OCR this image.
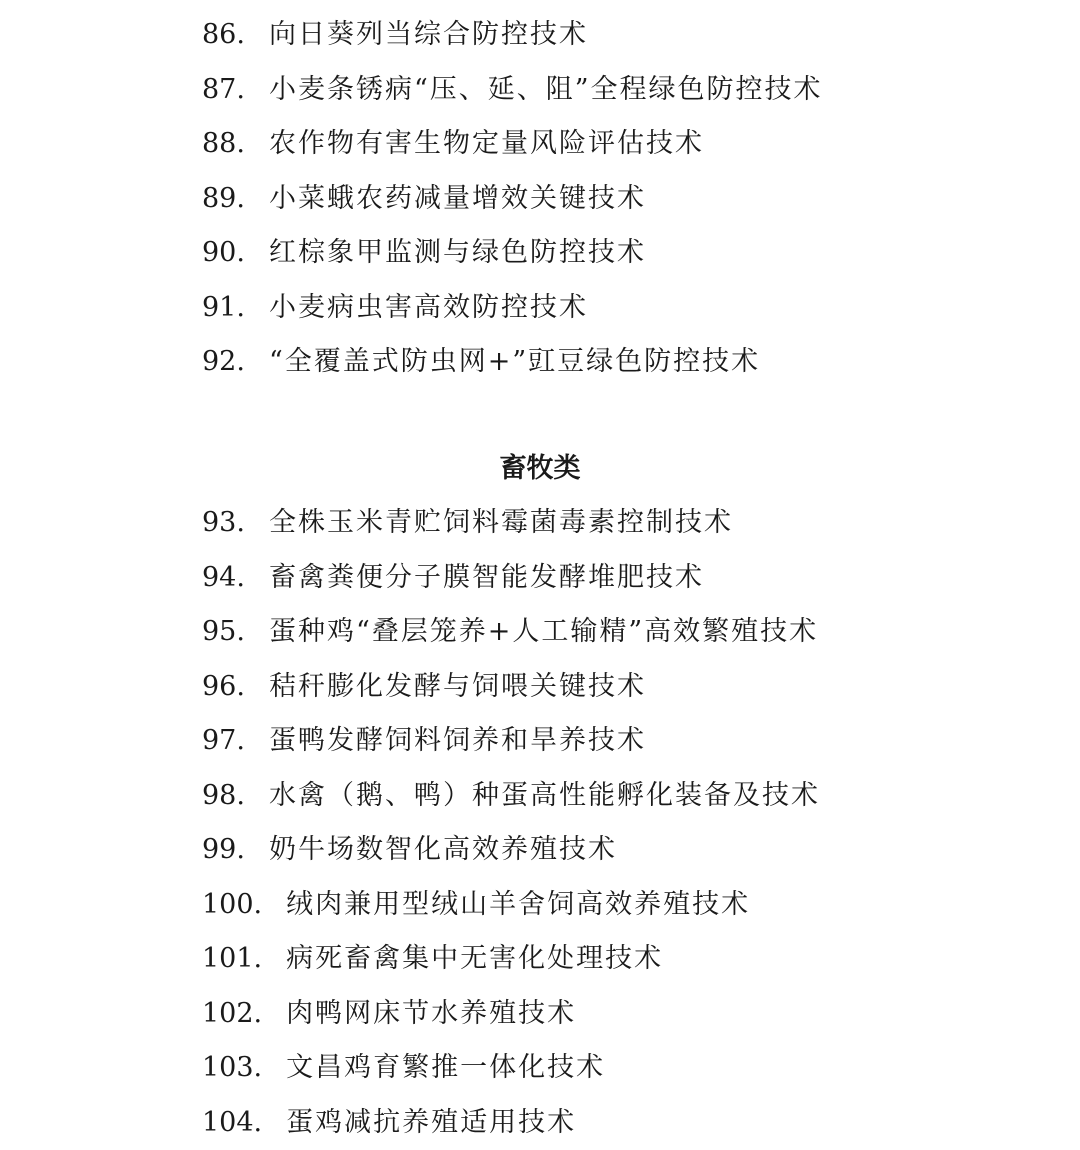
86. 向日葵列当综合防控技术
87. 小麦条锈病“压、延、阻”全程绿色防控技术
88. 农作物有害生物定量风险评估技术
89. 小菜蛾农药减量增效关键技术
90. 红棕象甲监测与绿色防控技术
91. 小麦病虫害高效防控技术
92. “全覆盖式防虫网+”豇豆绿色防控技术
畜牧类
93. 全株玉米青贮饲料霉菌毒素控制技术
94. 畜禽粪便分子膜智能发酵堆肥技术
95. 蛋种鸡“叠层笼养+人工输精”高效繁殖技术
96. 秸秆膨化发酵与饲喂关键技术
97. 蛋鸭发酵饲料饲养和旱养技术
98. 水禽（鹅、鸭）种蛋高性能孵化装备及技术
99. 奶牛场数智化高效养殖技术
100. 绒肉兼用型绒山羊舍饲高效养殖技术
101. 病死畜禽集中无害化处理技术
102. 肉鸭网床节水养殖技术
103. 文昌鸡育繁推一体化技术
104. 蛋鸡减抗养殖适用技术
